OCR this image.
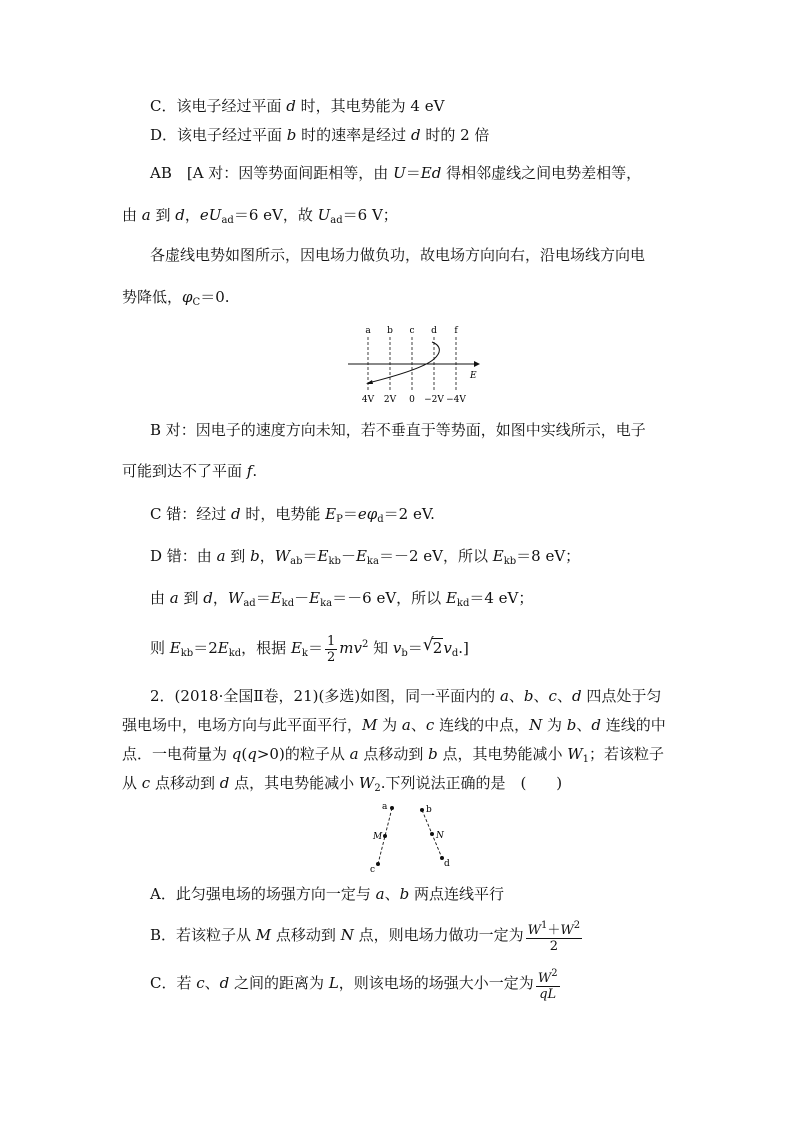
C．该电子经过平面 d 时，其电势能为 4 eV
D．该电子经过平面 b 时的速率是经过 d 时的 2 倍
AB　[A 对：因等势面间距相等，由 U＝Ed 得相邻虚线之间电势差相等，
由 a 到 d，$eU_{ad}=6$ eV，故 $U_{ad}=6$ V；
各虚线电势如图所示，因电场力做负功，故电场方向向右，沿电场线方向电
势降低，$\varphi_C=0$.
a b c d f
E
4V 2V 0 −2V −4V
B 对：因电子的速度方向未知，若不垂直于等势面，如图中实线所示，电子
可能到达不了平面 f.
C 错：经过 d 时，电势能 $E_P=e\varphi_d=2$ eV.
D 错：由 a 到 b，$W_{ab}=E_{kb}-E_{ka}=-2$ eV，所以 $E_{kb}=8$ eV；
由 a 到 d，$W_{ad}=E_{kd}-E_{ka}=-6$ eV，所以 $E_{kd}=4$ eV；
则 $E_{kb}=2E_{kd}$，根据 $E_k= \frac{1}{2} mv^2$ 知 $v_b=$ √ $2v_d$.]
2．(2018·全国Ⅱ卷，21)(多选)如图，同一平面内的 a、b、c、d 四点处于匀
强电场中，电场方向与此平面平行，M 为 a、c 连线的中点，N 为 b、d 连线的中
点．一电荷量为 q(q>0)的粒子从 a 点移动到 b 点，其电势能减小 $W_1$；若该粒子
从 c 点移动到 d 点，其电势能减小 $W_2$.下列说法正确的是　(　　)
a
c
M
b
d
N
A．此匀强电场的场强方向一定与 a、b 两点连线平行
B．若该粒子从 M 点移动到 N 点，则电场力做功一定为 $\frac{W^1+W^2}{2}$
C．若 c、d 之间的距离为 L，则该电场的场强大小一定为 $\frac{W^2}{qL}$
